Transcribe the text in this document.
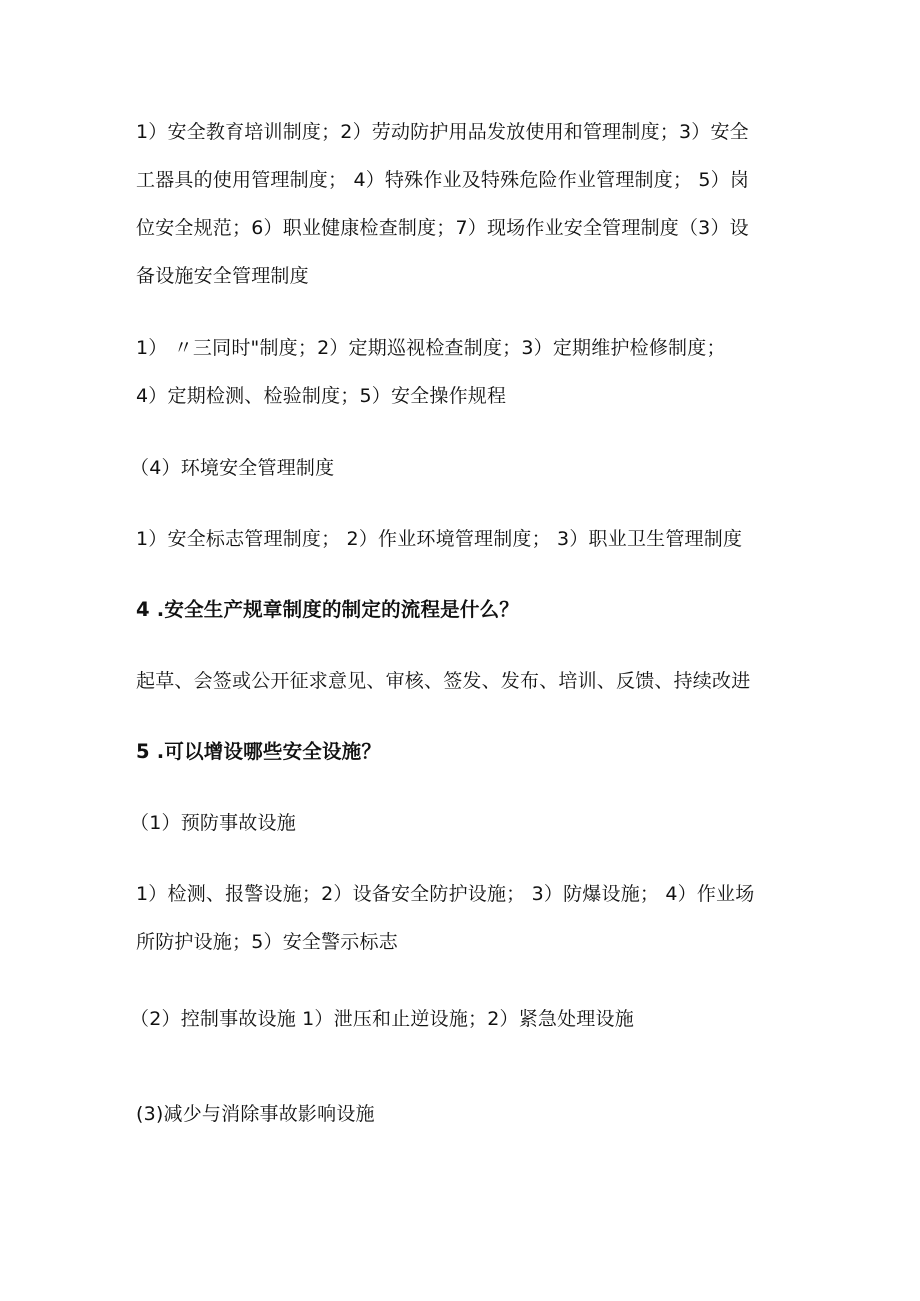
1）安全教育培训制度；2）劳动防护用品发放使用和管理制度；3）安全
工器具的使用管理制度； 4）特殊作业及特殊危险作业管理制度； 5）岗
位安全规范；6）职业健康检查制度；7）现场作业安全管理制度（3）设
备设施安全管理制度
1） 〃三同时"制度；2）定期巡视检查制度；3）定期维护检修制度；
4）定期检测、检验制度；5）安全操作规程
（4）环境安全管理制度
1）安全标志管理制度； 2）作业环境管理制度； 3）职业卫生管理制度
4 .安全生产规章制度的制定的流程是什么？
起草、会签或公开征求意见、审核、签发、发布、培训、反馈、持续改进
5 .可以增设哪些安全设施？
（1）预防事故设施
1）检测、报警设施；2）设备安全防护设施； 3）防爆设施； 4）作业场
所防护设施；5）安全警示标志
（2）控制事故设施 1）泄压和止逆设施；2）紧急处理设施
(3)减少与消除事故影响设施
